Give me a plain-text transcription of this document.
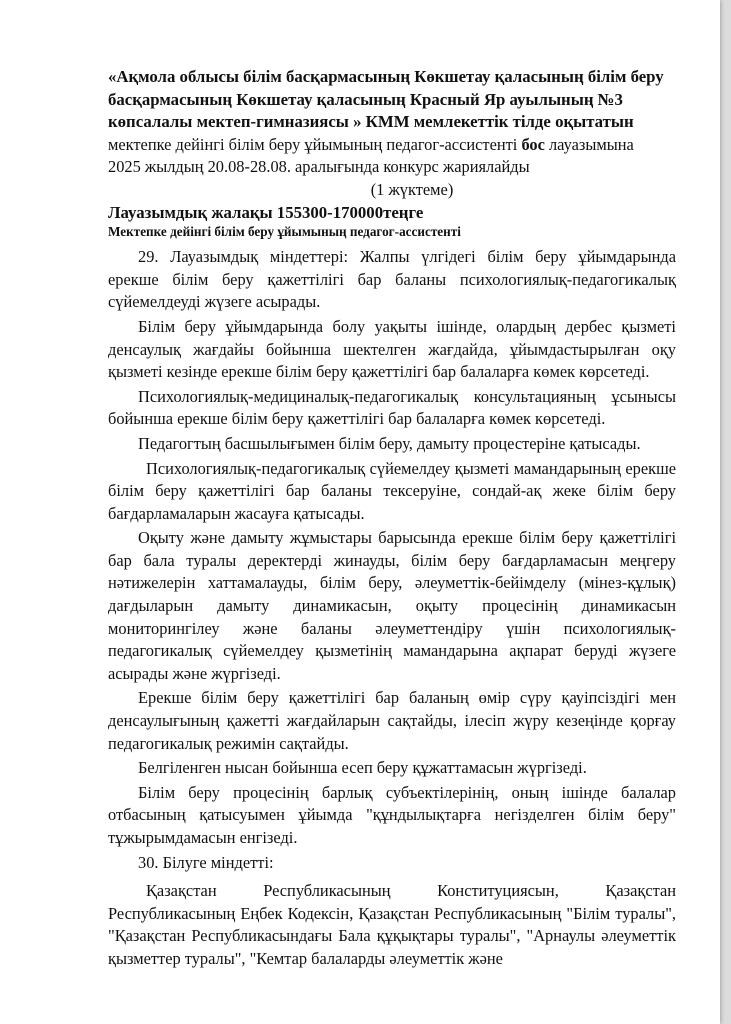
«Ақмола облысы білім басқармасының Көкшетау қаласының білім беру

басқармасының Көкшетау қаласының Красный Яр ауылының №3

көпсалалы мектеп-гимназиясы » КММ мемлекеттік тілде оқытатын

мектепке дейінгі білім беру ұйымының педагог-ассистенті бос лауазымына

2025 жылдың 20.08-28.08. аралығында конкурс жариялайды

(1 жүктеме)

Лауазымдық жалақы 155300-170000теңге

Мектепке дейінгі білім беру ұйымының педагог-ассистенті

29. Лауазымдық міндеттері: Жалпы үлгідегі білім беру ұйымдарында ерекше білім беру қажеттілігі бар баланы психологиялық-педагогикалық сүйемелдеуді жүзеге асырады.

Білім беру ұйымдарында болу уақыты ішінде, олардың дербес қызметі денсаулық жағдайы бойынша шектелген жағдайда, ұйымдастырылған оқу қызметі кезінде ерекше білім беру қажеттілігі бар балаларға көмек көрсетеді.

Психологиялық-медициналық-педагогикалық консультацияның ұсынысы бойынша ерекше білім беру қажеттілігі бар балаларға көмек көрсетеді.

Педагогтың басшылығымен білім беру, дамыту процестеріне қатысады.

Психологиялық-педагогикалық сүйемелдеу қызметі мамандарының ерекше білім беру қажеттілігі бар баланы тексеруіне, сондай-ақ жеке білім беру бағдарламаларын жасауға қатысады.

Оқыту және дамыту жұмыстары барысында ерекше білім беру қажеттілігі бар бала туралы деректерді жинауды, білім беру бағдарламасын меңгеру нәтижелерін хаттамалауды, білім беру, әлеуметтік-бейімделу (мінез-құлық) дағдыларын дамыту динамикасын, оқыту процесінің динамикасын мониторингілеу және баланы әлеуметтендіру үшін психологиялық-педагогикалық сүйемелдеу қызметінің мамандарына ақпарат беруді жүзеге асырады және жүргізеді.

Ерекше білім беру қажеттілігі бар баланың өмір сүру қауіпсіздігі мен денсаулығының қажетті жағдайларын сақтайды, ілесіп жүру кезеңінде қорғау педагогикалық режимін сақтайды.

Белгіленген нысан бойынша есеп беру құжаттамасын жүргізеді.

Білім беру процесінің барлық субъектілерінің, оның ішінде балалар отбасының қатысуымен ұйымда "құндылықтарға негізделген білім беру" тұжырымдамасын енгізеді.

30. Білуге міндетті:

Қазақстан Республикасының Конституциясын, Қазақстан Республикасының Еңбек Кодексін, Қазақстан Республикасының "Білім туралы", "Қазақстан Республикасындағы Бала құқықтары туралы", "Арнаулы әлеуметтік қызметтер туралы", "Кемтар балаларды әлеуметтік және
